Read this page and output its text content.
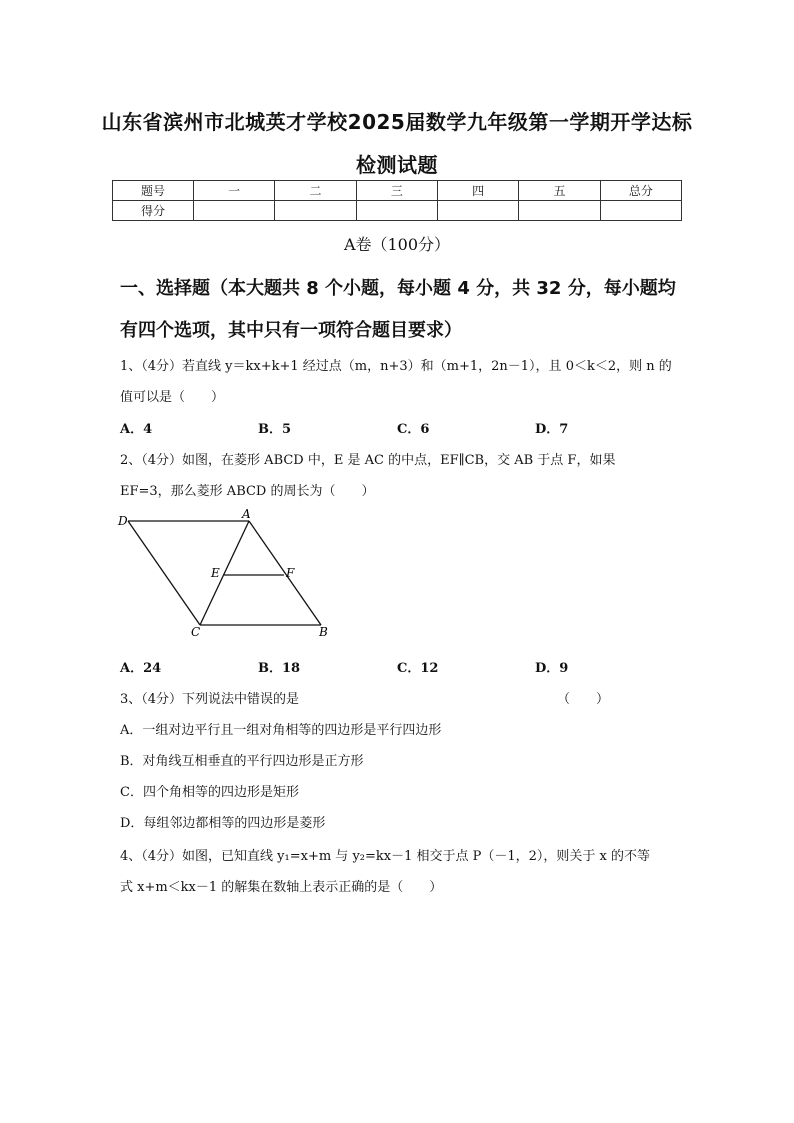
山东省滨州市北城英才学校2025届数学九年级第一学期开学达标
检测试题
题号	一	二	三	四	五	总分
得分						
A卷（100分）
一、选择题（本大题共 8 个小题，每小题 4 分，共 32 分，每小题均
有四个选项，其中只有一项符合题目要求）
1、（4分）若直线 y＝kx+k+1 经过点（m，n+3）和（m+1，2n－1），且 0＜k＜2，则 n 的
值可以是（　　）
A．4	B．5	C．6	D．7
2、（4分）如图，在菱形 ABCD 中，E 是 AC 的中点，EF∥CB，交 AB 于点 F，如果
EF=3，那么菱形 ABCD 的周长为（　　）
D	A
E	F
C	B
A．24	B．18	C．12	D．9
3、（4分）下列说法中错误的是	（　　）
A．一组对边平行且一组对角相等的四边形是平行四边形
B．对角线互相垂直的平行四边形是正方形
C．四个角相等的四边形是矩形
D．每组邻边都相等的四边形是菱形
4、（4分）如图，已知直线 y₁=x+m 与 y₂=kx－1 相交于点 P（－1，2），则关于 x 的不等
式 x+m＜kx－1 的解集在数轴上表示正确的是（　　）
